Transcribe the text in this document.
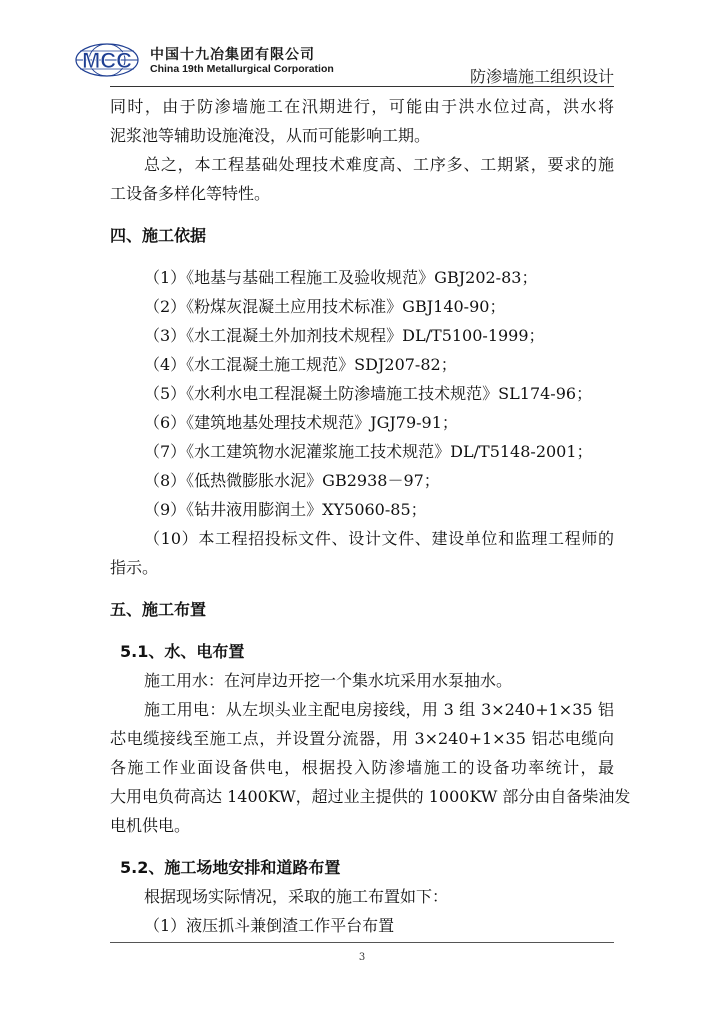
MCC 中国十九冶集团有限公司
China 19th Metallurgical Corporation	防渗墙施工组织设计
同时，由于防渗墙施工在汛期进行，可能由于洪水位过高，洪水将
泥浆池等辅助设施淹没，从而可能影响工期。
总之，本工程基础处理技术难度高、工序多、工期紧，要求的施
工设备多样化等特性。
四、施工依据
（1）《地基与基础工程施工及验收规范》GBJ202-83；
（2）《粉煤灰混凝土应用技术标准》GBJ140-90；
（3）《水工混凝土外加剂技术规程》DL/T5100-1999；
（4）《水工混凝土施工规范》SDJ207-82；
（5）《水利水电工程混凝土防渗墙施工技术规范》SL174-96；
（6）《建筑地基处理技术规范》JGJ79-91；
（7）《水工建筑物水泥灌浆施工技术规范》DL/T5148-2001；
（8）《低热微膨胀水泥》GB2938－97；
（9）《钻井液用膨润土》XY5060-85；
（10）本工程招投标文件、设计文件、建设单位和监理工程师的
指示。
五、施工布置
5.1、水、电布置
施工用水：在河岸边开挖一个集水坑采用水泵抽水。
施工用电：从左坝头业主配电房接线，用 3 组 3×240+1×35 铝
芯电缆接线至施工点，并设置分流器，用 3×240+1×35 铝芯电缆向
各施工作业面设备供电，根据投入防渗墙施工的设备功率统计，最
大用电负荷高达 1400KW，超过业主提供的 1000KW 部分由自备柴油发
电机供电。
5.2、施工场地安排和道路布置
根据现场实际情况，采取的施工布置如下：
（1）液压抓斗兼倒渣工作平台布置
3
